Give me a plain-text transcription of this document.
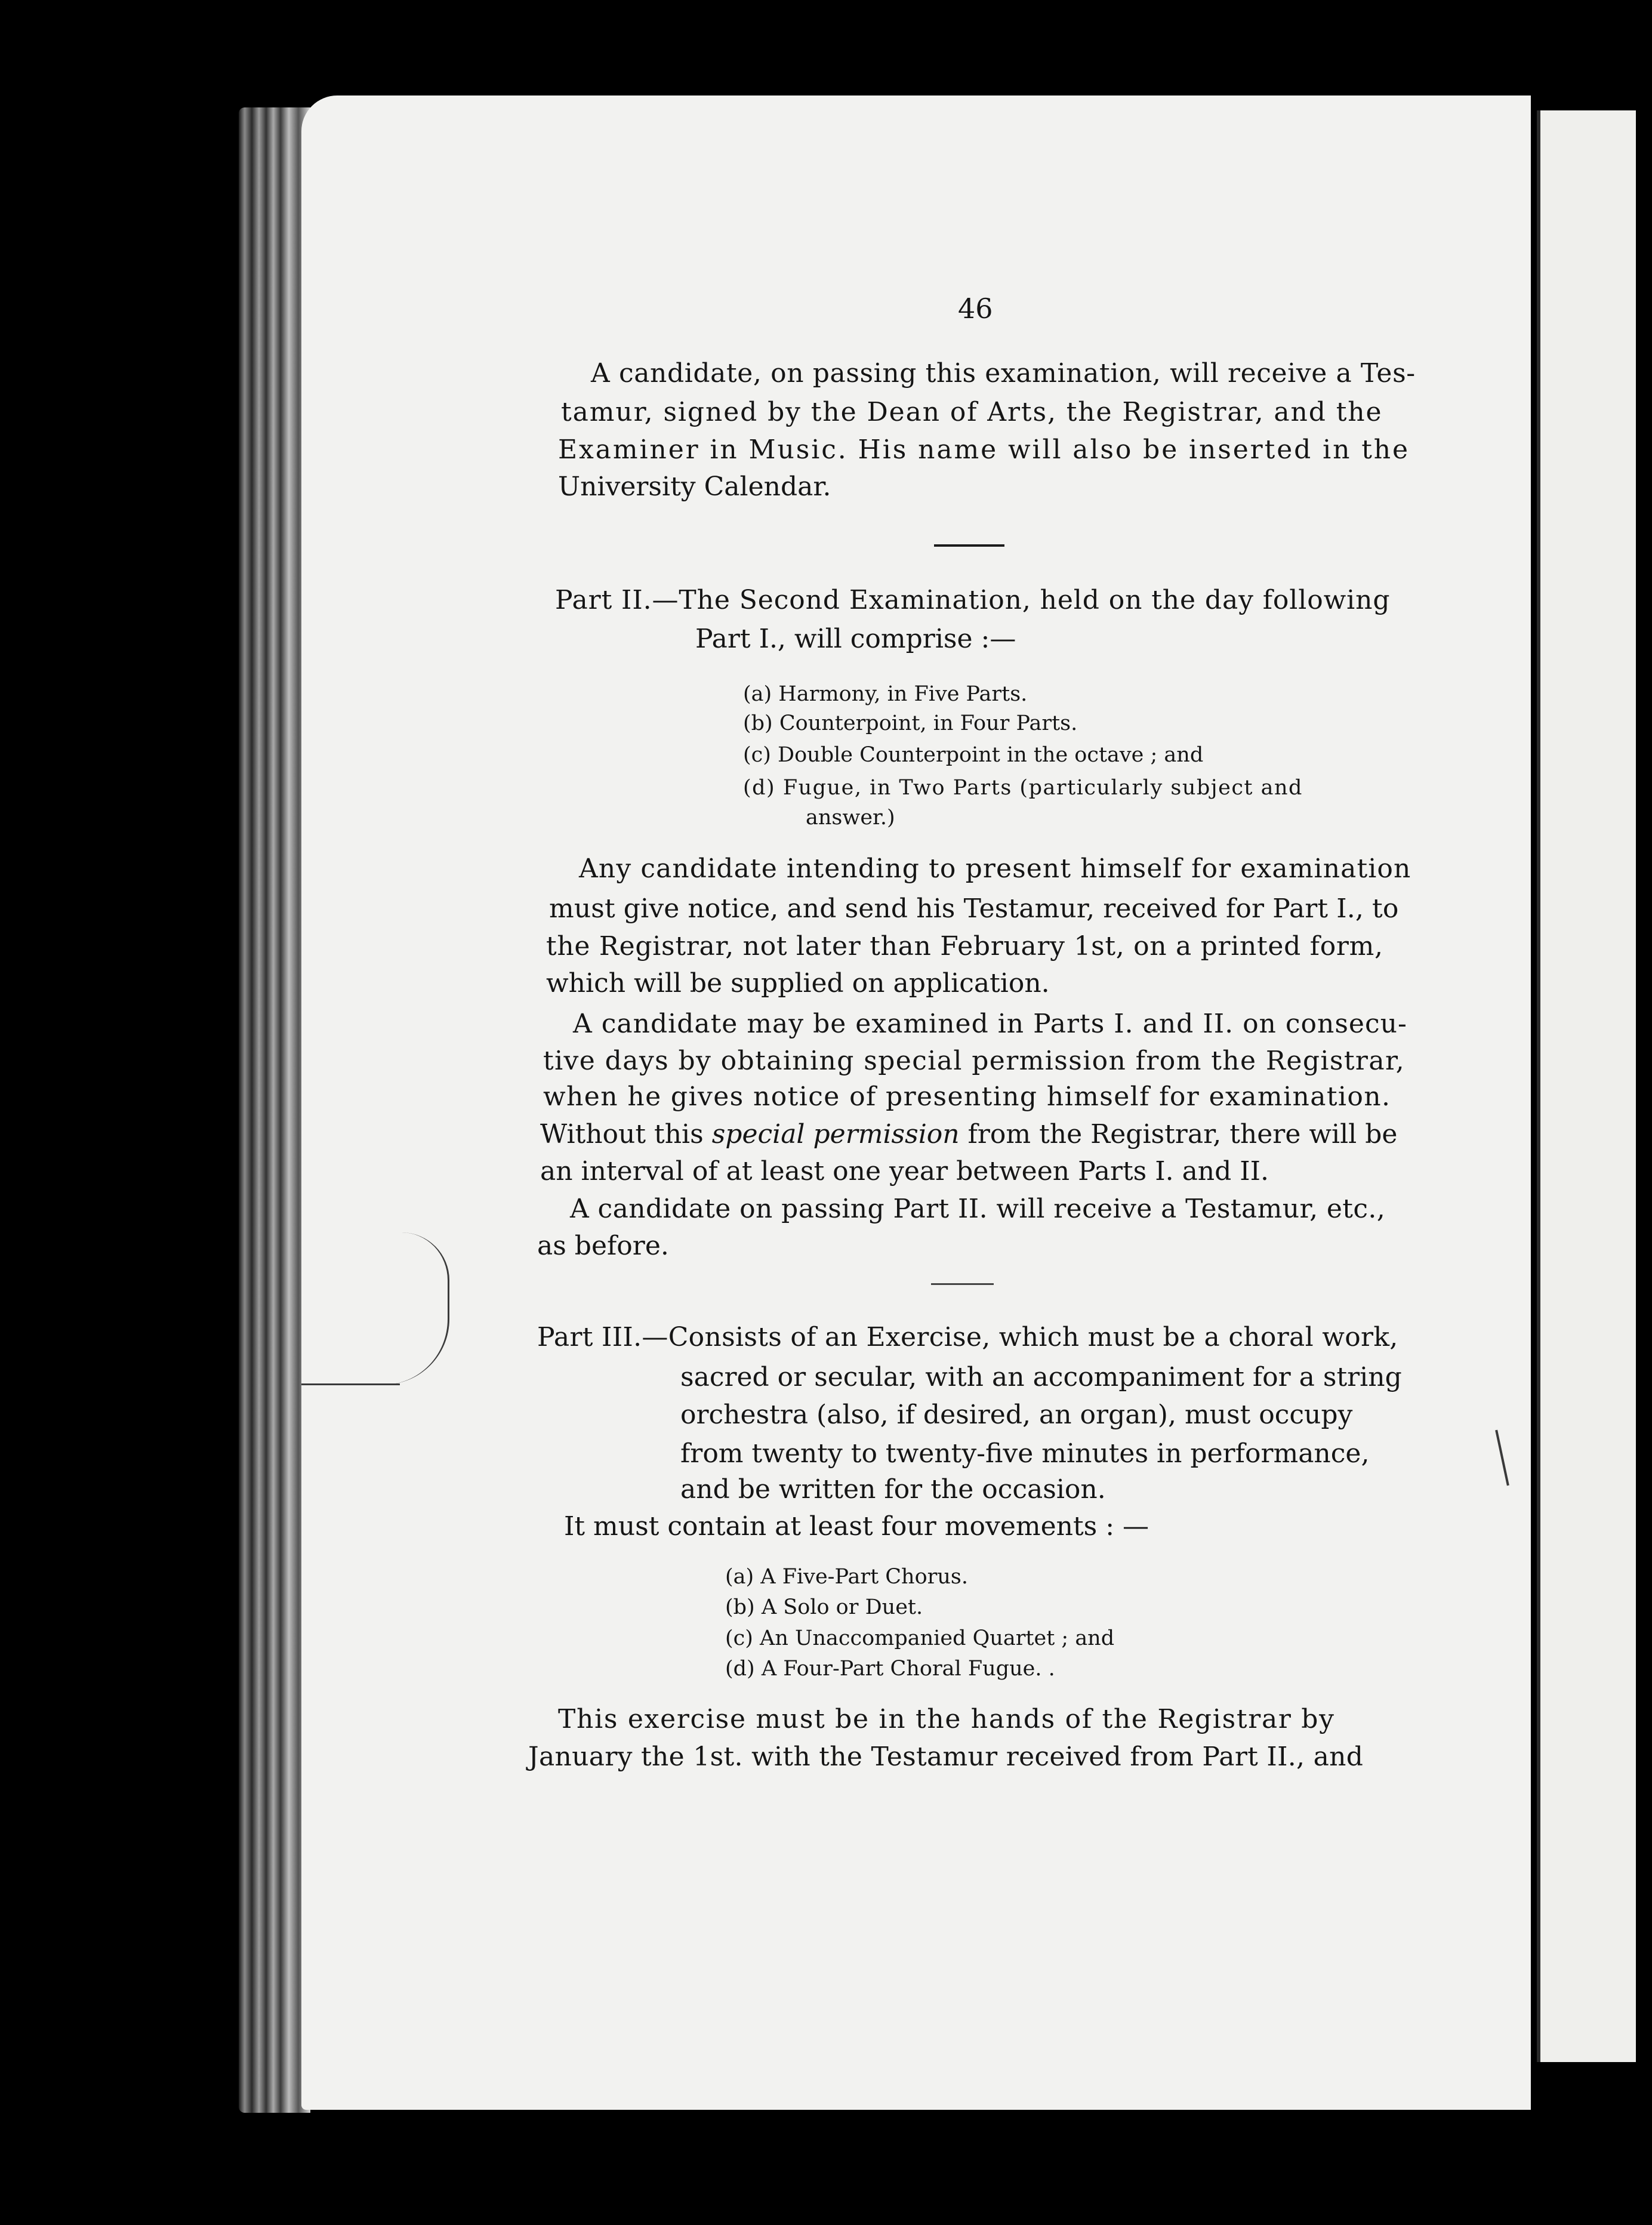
46
A candidate, on passing this examination, will receive a Tes-
tamur, signed by the Dean of Arts, the Registrar, and the
Examiner in Music. His name will also be inserted in the
University Calendar.
Part II.—The Second Examination, held on the day following
Part I., will comprise :—
(a) Harmony, in Five Parts.
(b) Counterpoint, in Four Parts.
(c) Double Counterpoint in the octave ; and
(d) Fugue, in Two Parts (particularly subject and
answer.)
Any candidate intending to present himself for examination
must give notice, and send his Testamur, received for Part I., to
the Registrar, not later than February 1st, on a printed form,
which will be supplied on application.
A candidate may be examined in Parts I. and II. on consecu-
tive days by obtaining special permission from the Registrar,
when he gives notice of presenting himself for examination.
Without this special permission from the Registrar, there will be
an interval of at least one year between Parts I. and II.
A candidate on passing Part II. will receive a Testamur, etc.,
as before.
Part III.—Consists of an Exercise, which must be a choral work,
sacred or secular, with an accompaniment for a string
orchestra (also, if desired, an organ), must occupy
from twenty to twenty-five minutes in performance,
and be written for the occasion.
It must contain at least four movements : —
(a) A Five-Part Chorus.
(b) A Solo or Duet.
(c) An Unaccompanied Quartet ; and
(d) A Four-Part Choral Fugue. .
This exercise must be in the hands of the Registrar by
January the 1st. with the Testamur received from Part II., and
